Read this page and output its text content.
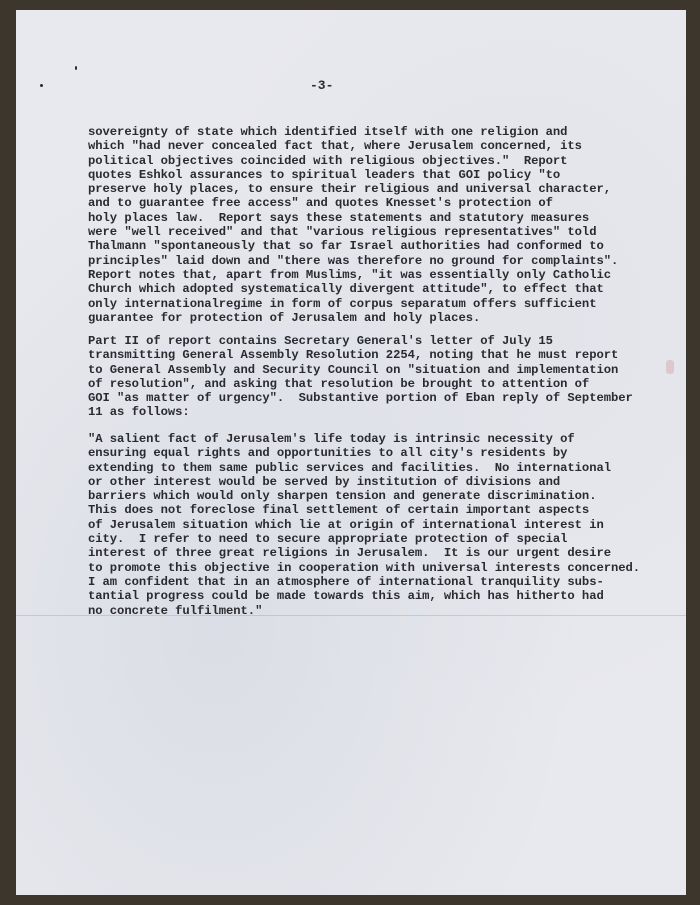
-3-

sovereignty of state which identified itself with one religion and
which "had never concealed fact that, where Jerusalem concerned, its
political objectives coincided with religious objectives."  Report
quotes Eshkol assurances to spiritual leaders that GOI policy "to
preserve holy places, to ensure their religious and universal character,
and to guarantee free access" and quotes Knesset's protection of
holy places law.  Report says these statements and statutory measures
were "well received" and that "various religious representatives" told
Thalmann "spontaneously that so far Israel authorities had conformed to
principles" laid down and "there was therefore no ground for complaints".
Report notes that, apart from Muslims, "it was essentially only Catholic
Church which adopted systematically divergent attitude", to effect that
only internationalregime in form of corpus separatum offers sufficient
guarantee for protection of Jerusalem and holy places.

Part II of report contains Secretary General's letter of July 15
transmitting General Assembly Resolution 2254, noting that he must report
to General Assembly and Security Council on "situation and implementation
of resolution", and asking that resolution be brought to attention of
GOI "as matter of urgency".  Substantive portion of Eban reply of September
11 as follows:

"A salient fact of Jerusalem's life today is intrinsic necessity of
ensuring equal rights and opportunities to all city's residents by
extending to them same public services and facilities.  No international
or other interest would be served by institution of divisions and
barriers which would only sharpen tension and generate discrimination.
This does not foreclose final settlement of certain important aspects
of Jerusalem situation which lie at origin of international interest in
city.  I refer to need to secure appropriate protection of special
interest of three great religions in Jerusalem.  It is our urgent desire
to promote this objective in cooperation with universal interests concerned.
I am confident that in an atmosphere of international tranquility subs-
tantial progress could be made towards this aim, which has hitherto had
no concrete fulfilment."
